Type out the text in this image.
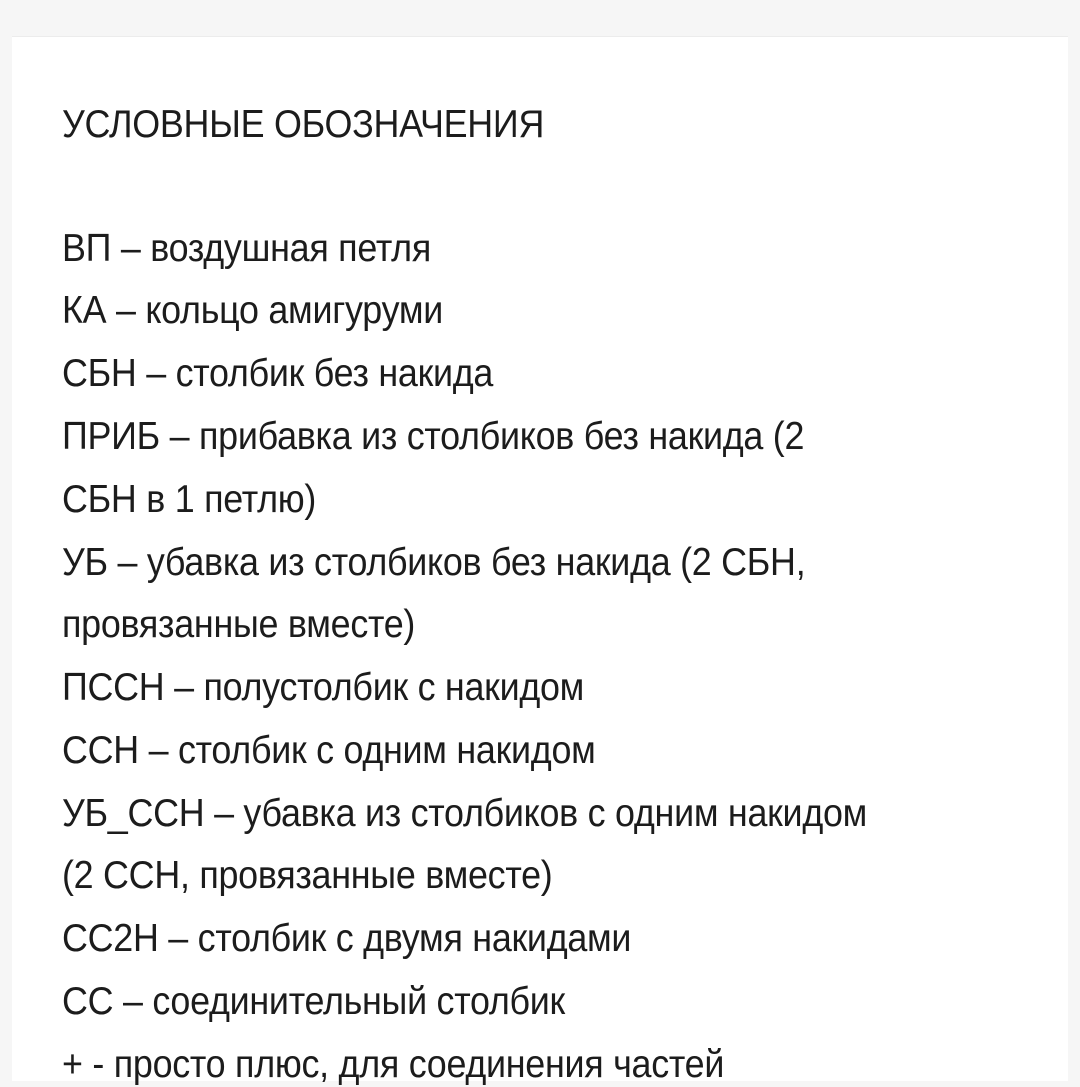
УСЛОВНЫЕ ОБОЗНАЧЕНИЯ
ВП – воздушная петля
КА – кольцо амигуруми
СБН – столбик без накида
ПРИБ – прибавка из столбиков без накида (2
СБН в 1 петлю)
УБ – убавка из столбиков без накида (2 СБН,
провязанные вместе)
ПССН – полустолбик с накидом
ССН – столбик с одним накидом
УБ_ССН – убавка из столбиков с одним накидом
(2 ССН, провязанные вместе)
СС2Н – столбик с двумя накидами
СС – соединительный столбик
+ - просто плюс, для соединения частей
